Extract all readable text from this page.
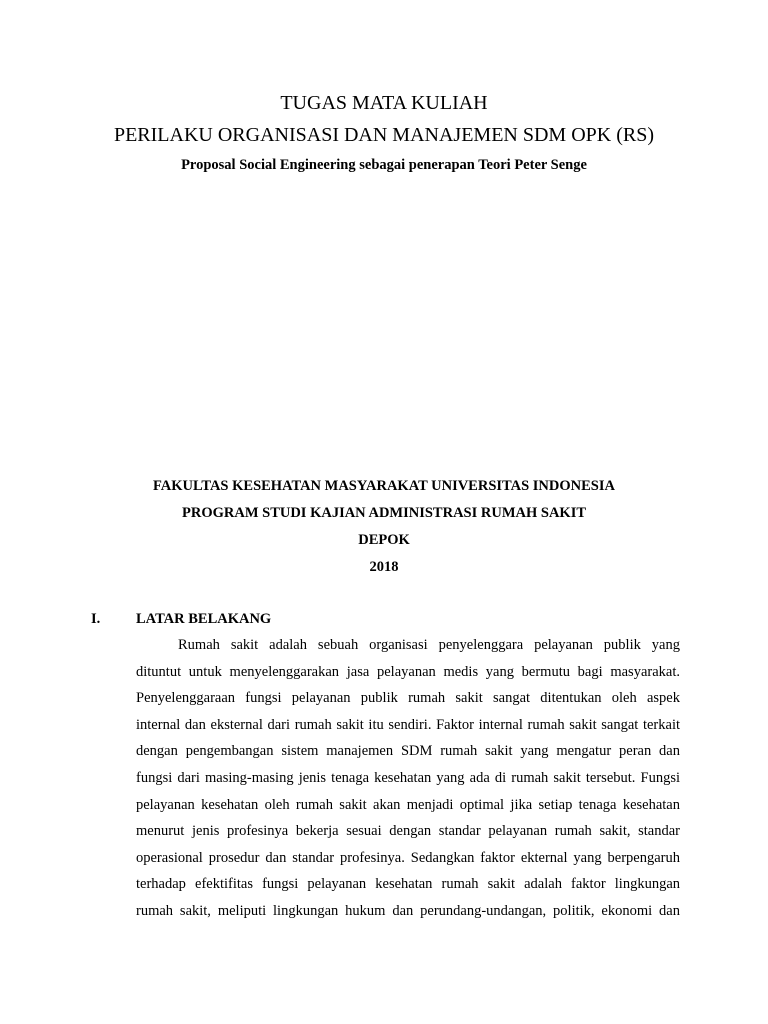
TUGAS MATA KULIAH
PERILAKU ORGANISASI DAN MANAJEMEN SDM OPK (RS)
Proposal Social Engineering sebagai penerapan Teori Peter Senge
FAKULTAS KESEHATAN MASYARAKAT UNIVERSITAS INDONESIA
PROGRAM STUDI KAJIAN ADMINISTRASI RUMAH SAKIT
DEPOK
2018
I. LATAR BELAKANG
Rumah sakit adalah sebuah organisasi penyelenggara pelayanan publik yang
dituntut untuk menyelenggarakan jasa pelayanan medis yang bermutu bagi masyarakat.
Penyelenggaraan fungsi pelayanan publik rumah sakit sangat ditentukan oleh aspek
internal dan eksternal dari rumah sakit itu sendiri. Faktor internal rumah sakit sangat terkait
dengan pengembangan sistem manajemen SDM rumah sakit yang mengatur peran dan
fungsi dari masing-masing jenis tenaga kesehatan yang ada di rumah sakit tersebut. Fungsi
pelayanan kesehatan oleh rumah sakit akan menjadi optimal jika setiap tenaga kesehatan
menurut jenis profesinya bekerja sesuai dengan standar pelayanan rumah sakit, standar
operasional prosedur dan standar profesinya. Sedangkan faktor ekternal yang berpengaruh
terhadap efektifitas fungsi pelayanan kesehatan rumah sakit adalah faktor lingkungan
rumah sakit, meliputi lingkungan hukum dan perundang-undangan, politik, ekonomi dan
